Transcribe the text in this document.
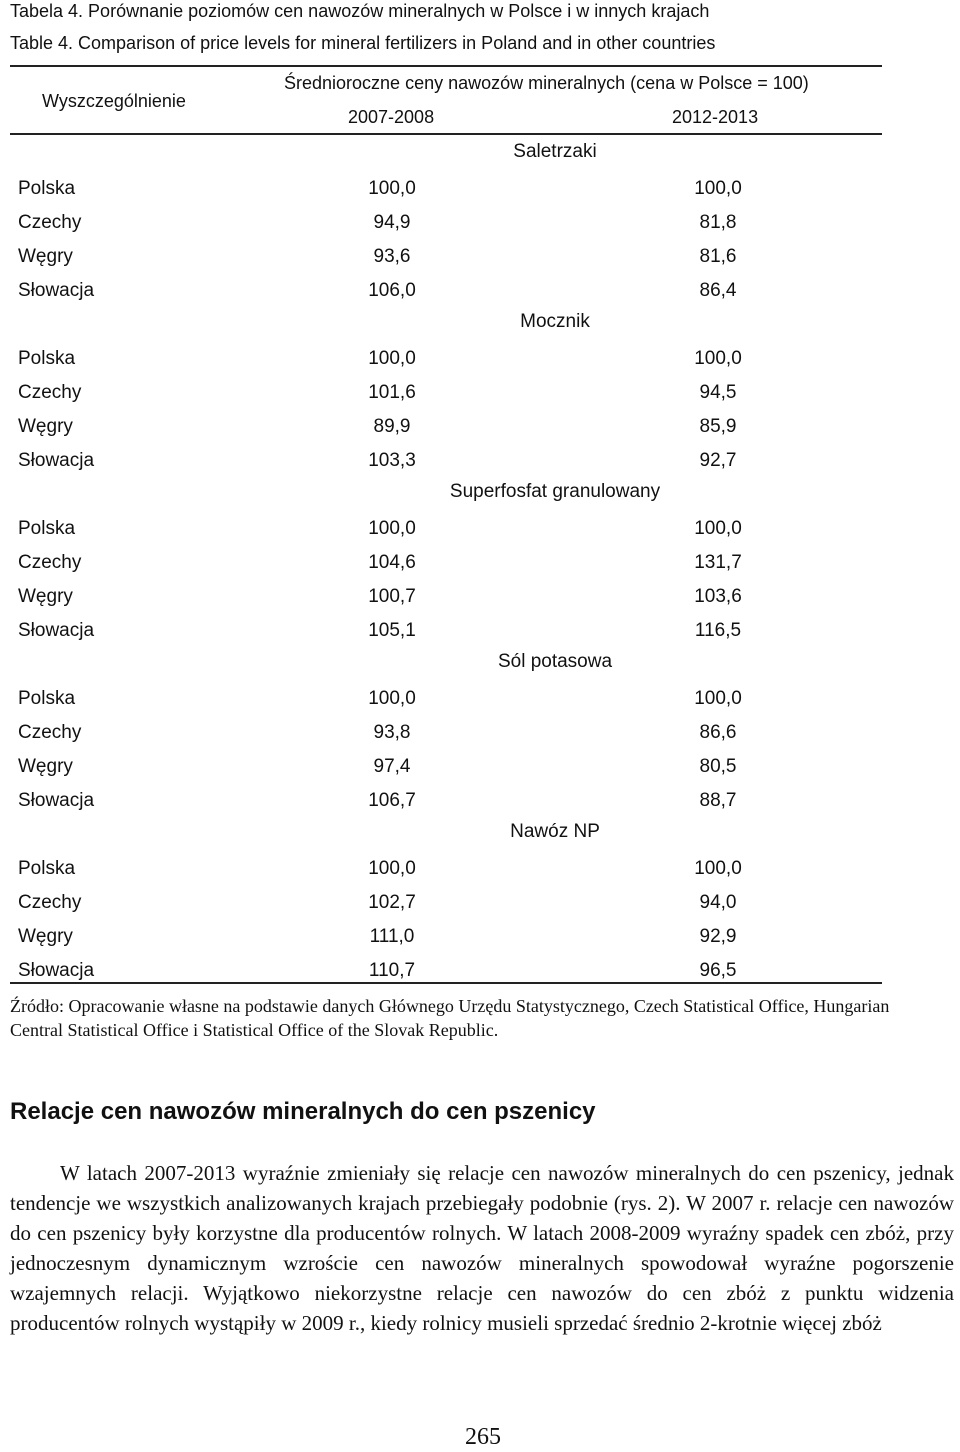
Tabela 4. Porównanie poziomów cen nawozów mineralnych w Polsce i w innych krajach
Table 4. Comparison of price levels for mineral fertilizers in Poland and in other countries
Wyszczególnienie
Średnioroczne ceny nawozów mineralnych (cena w Polsce = 100)
2007-2008	2012-2013
Saletrzaki
Polska	100,0	100,0
Czechy	94,9	81,8
Węgry	93,6	81,6
Słowacja	106,0	86,4
Mocznik
Polska	100,0	100,0
Czechy	101,6	94,5
Węgry	89,9	85,9
Słowacja	103,3	92,7
Superfosfat granulowany
Polska	100,0	100,0
Czechy	104,6	131,7
Węgry	100,7	103,6
Słowacja	105,1	116,5
Sól potasowa
Polska	100,0	100,0
Czechy	93,8	86,6
Węgry	97,4	80,5
Słowacja	106,7	88,7
Nawóz NP
Polska	100,0	100,0
Czechy	102,7	94,0
Węgry	111,0	92,9
Słowacja	110,7	96,5
Źródło: Opracowanie własne na podstawie danych Głównego Urzędu Statystycznego, Czech Statistical Office, Hungarian Central Statistical Office i Statistical Office of the Slovak Republic.
Relacje cen nawozów mineralnych do cen pszenicy

W latach 2007-2013 wyraźnie zmieniały się relacje cen nawozów mineralnych do cen pszenicy, jednak tendencje we wszystkich analizowanych krajach przebiegały podobnie (rys. 2). W 2007 r. relacje cen nawozów do cen pszenicy były korzystne dla producentów rolnych. W latach 2008-2009 wyraźny spadek cen zbóż, przy jednoczesnym dynamicznym wzroście cen nawozów mineralnych spowodował wyraźne pogorszenie wzajemnych relacji. Wyjątkowo niekorzystne relacje cen nawozów do cen zbóż z punktu widzenia producentów rolnych wystąpiły w 2009 r., kiedy rolnicy musieli sprzedać średnio 2-krotnie więcej zbóż

265
